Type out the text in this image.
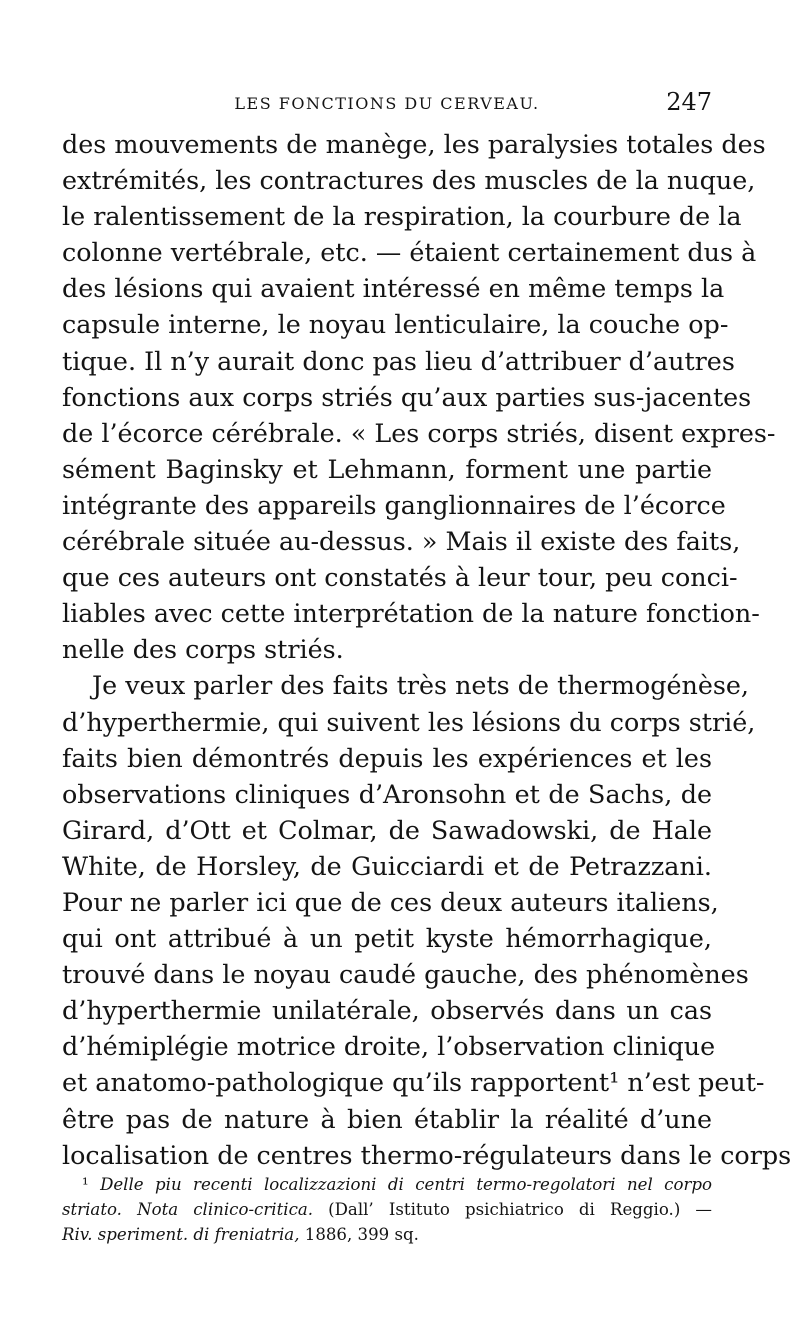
LES FONCTIONS DU CERVEAU.	247
des mouvements de manège, les paralysies totales des
extrémités, les contractures des muscles de la nuque,
le ralentissement de la respiration, la courbure de la
colonne vertébrale, etc. — étaient certainement dus à
des lésions qui avaient intéressé en même temps la
capsule interne, le noyau lenticulaire, la couche op-
tique. Il n’y aurait donc pas lieu d’attribuer d’autres
fonctions aux corps striés qu’aux parties sus-jacentes
de l’écorce cérébrale. « Les corps striés, disent expres-
sément Baginsky et Lehmann, forment une partie
intégrante des appareils ganglionnaires de l’écorce
cérébrale située au-dessus. » Mais il existe des faits,
que ces auteurs ont constatés à leur tour, peu conci-
liables avec cette interprétation de la nature fonction-
nelle des corps striés.
Je veux parler des faits très nets de thermogénèse,
d’hyperthermie, qui suivent les lésions du corps strié,
faits bien démontrés depuis les expériences et les
observations cliniques d’Aronsohn et de Sachs, de
Girard, d’Ott et Colmar, de Sawadowski, de Hale
White, de Horsley, de Guicciardi et de Petrazzani.
Pour ne parler ici que de ces deux auteurs italiens,
qui ont attribué à un petit kyste hémorrhagique,
trouvé dans le noyau caudé gauche, des phénomènes
d’hyperthermie unilatérale, observés dans un cas
d’hémiplégie motrice droite, l’observation clinique
et anatomo-pathologique qu’ils rapportent¹ n’est peut-
être pas de nature à bien établir la réalité d’une
localisation de centres thermo-régulateurs dans le corps
¹ Delle piu recenti localizzazioni di centri termo-regolatori nel corpo
striato. Nota clinico-critica. (Dall’ Istituto psichiatrico di Reggio.) —
Riv. speriment. di freniatria, 1886, 399 sq.
